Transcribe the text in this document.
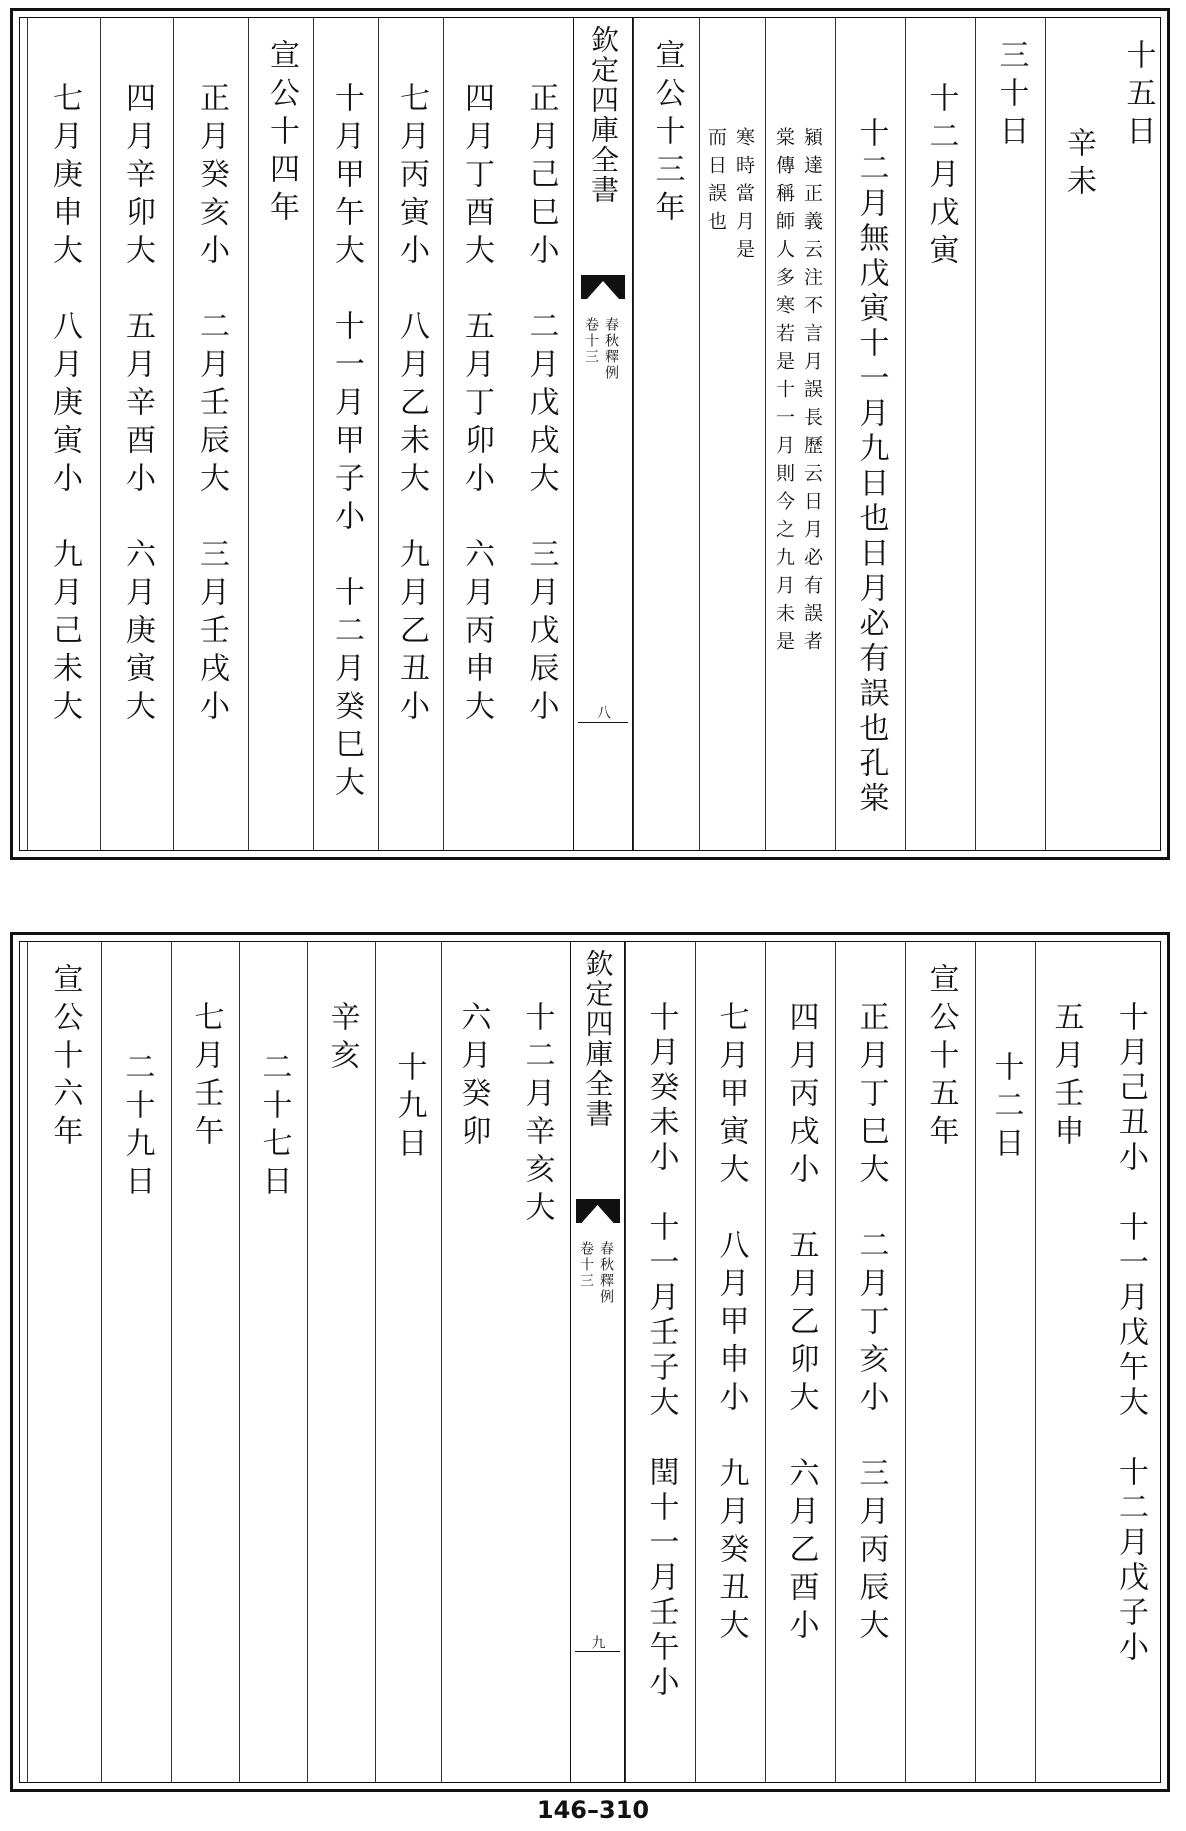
十五日
辛未
三十日
十二月戊寅
十二月無戊寅十一月九日也日月必有誤也孔棠
潁達正義云注不言月誤長歷云日月必有誤者
棠傳稱師人多寒若是十一月則今之九月未是
寒時當月是
而日誤也
宣公十三年
欽定四庫全書
春秋釋例
卷十三
八
正月己巳小　二月戊戌大　三月戊辰小
四月丁酉大　五月丁卯小　六月丙申大
七月丙寅小　八月乙未大　九月乙丑小
十月甲午大　十一月甲子小　十二月癸巳大
宣公十四年
正月癸亥小　二月壬辰大　三月壬戌小
四月辛卯大　五月辛酉小　六月庚寅大
七月庚申大　八月庚寅小　九月己未大
十月己丑小　十一月戊午大　十二月戊子小
五月壬申
十二日
宣公十五年
正月丁巳大　二月丁亥小　三月丙辰大
四月丙戌小　五月乙卯大　六月乙酉小
七月甲寅大　八月甲申小　九月癸丑大
十月癸未小　十一月壬子大　閏十一月壬午小
欽定四庫全書
春秋釋例
卷十三
九
十二月辛亥大
六月癸卯
十九日
辛亥
二十七日
七月壬午
二十九日
宣公十六年
146–310
